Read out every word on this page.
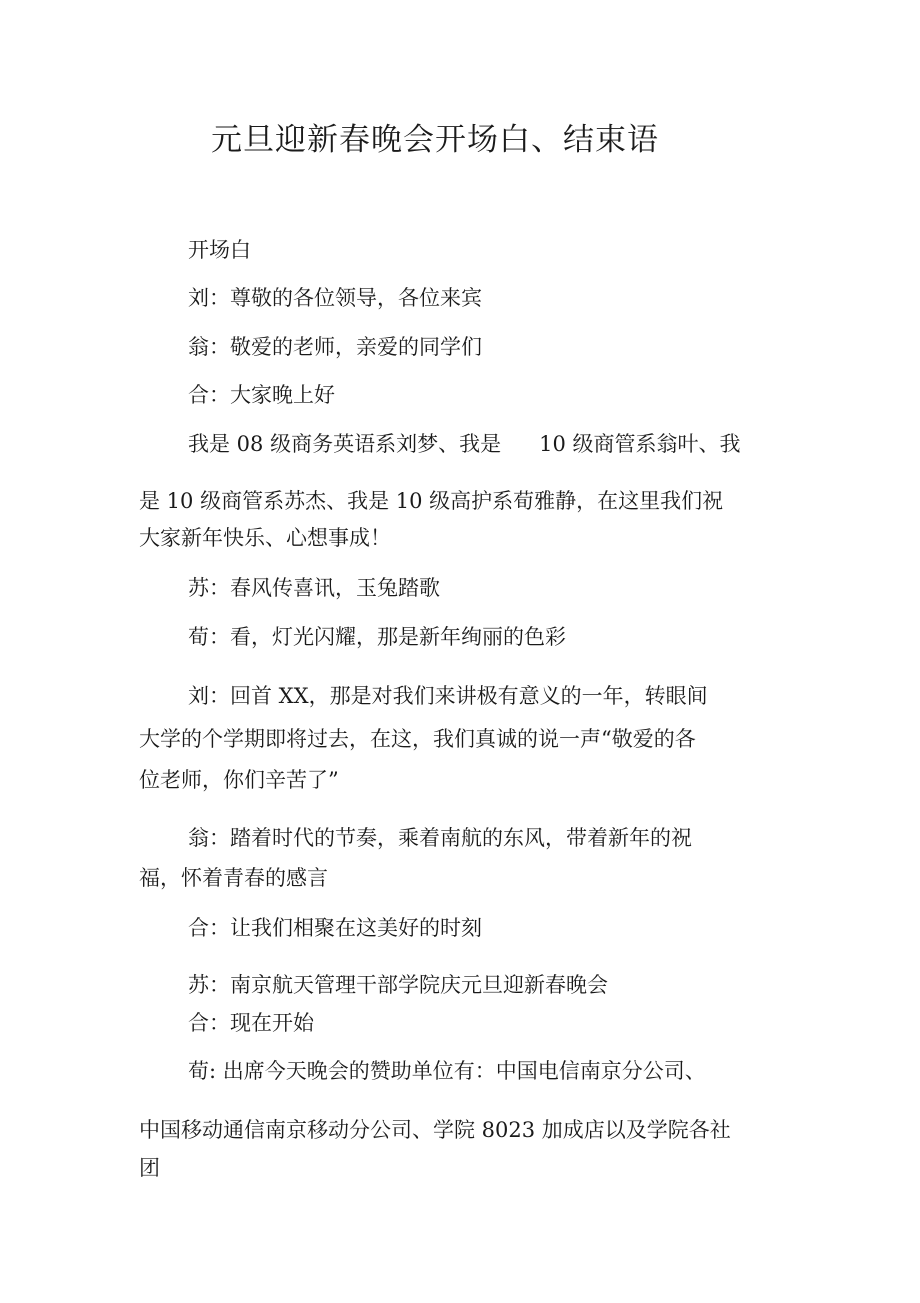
元旦迎新春晚会开场白、结束语
开场白
刘：尊敬的各位领导，各位来宾
翁：敬爱的老师，亲爱的同学们
合：大家晚上好
我是 08 级商务英语系刘梦、我是 10 级商管系翁叶、我
是 10 级商管系苏杰、我是 10 级高护系荀雅静，在这里我们祝
大家新年快乐、心想事成！
苏：春风传喜讯，玉兔踏歌
荀：看，灯光闪耀，那是新年绚丽的色彩
刘：回首 XX，那是对我们来讲极有意义的一年，转眼间
大学的个学期即将过去，在这，我们真诚的说一声“敬爱的各
位老师，你们辛苦了”
翁：踏着时代的节奏，乘着南航的东风，带着新年的祝
福，怀着青春的感言
合：让我们相聚在这美好的时刻
苏：南京航天管理干部学院庆元旦迎新春晚会
合：现在开始
荀: 出席今天晚会的赞助单位有：中国电信南京分公司、
中国移动通信南京移动分公司、学院 8023 加成店以及学院各社
团
